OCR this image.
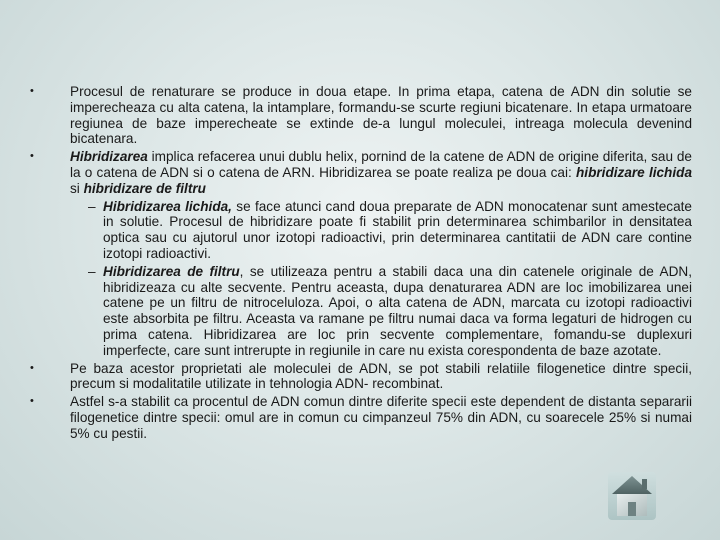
• Procesul de renaturare se produce in doua etape. In prima etapa, catena de ADN din solutie se imperecheaza cu alta catena, la intamplare, formandu-se scurte regiuni bicatenare. In etapa urmatoare regiunea de baze imperecheate se extinde de-a lungul moleculei, intreaga molecula devenind bicatenara.

• Hibridizarea implica refacerea unui dublu helix, pornind de la catene de ADN de origine diferita, sau de la o catena de ADN si o catena de ARN. Hibridizarea se poate realiza pe doua cai: hibridizare lichida si hibridizare de filtru

– Hibridizarea lichida, se face atunci cand doua preparate de ADN monocatenar sunt amestecate in solutie. Procesul de hibridizare poate fi stabilit prin determinarea schimbarilor in densitatea optica sau cu ajutorul unor izotopi radioactivi, prin determinarea cantitatii de ADN care contine izotopi radioactivi.

– Hibridizarea de filtru, se utilizeaza pentru a stabili daca una din catenele originale de ADN, hibridizeaza cu alte secvente. Pentru aceasta, dupa denaturarea ADN are loc imobilizarea unei catene pe un filtru de nitroceluloza. Apoi, o alta catena de ADN, marcata cu izotopi radioactivi este absorbita pe filtru. Aceasta va ramane pe filtru numai daca va forma legaturi de hidrogen cu prima catena. Hibridizarea are loc prin secvente complementare, fomandu-se duplexuri imperfecte, care sunt intrerupte in regiunile in care nu exista corespondenta de baze azotate.

• Pe baza acestor proprietati ale moleculei de ADN, se pot stabili relatiile filogenetice dintre specii, precum si modalitatile utilizate in tehnologia ADN- recombinat.

• Astfel s-a stabilit ca procentul de ADN comun dintre diferite specii este dependent de distanta separarii filogenetice dintre specii: omul are in comun cu cimpanzeul 75% din ADN, cu soarecele 25% si numai 5% cu pestii.
